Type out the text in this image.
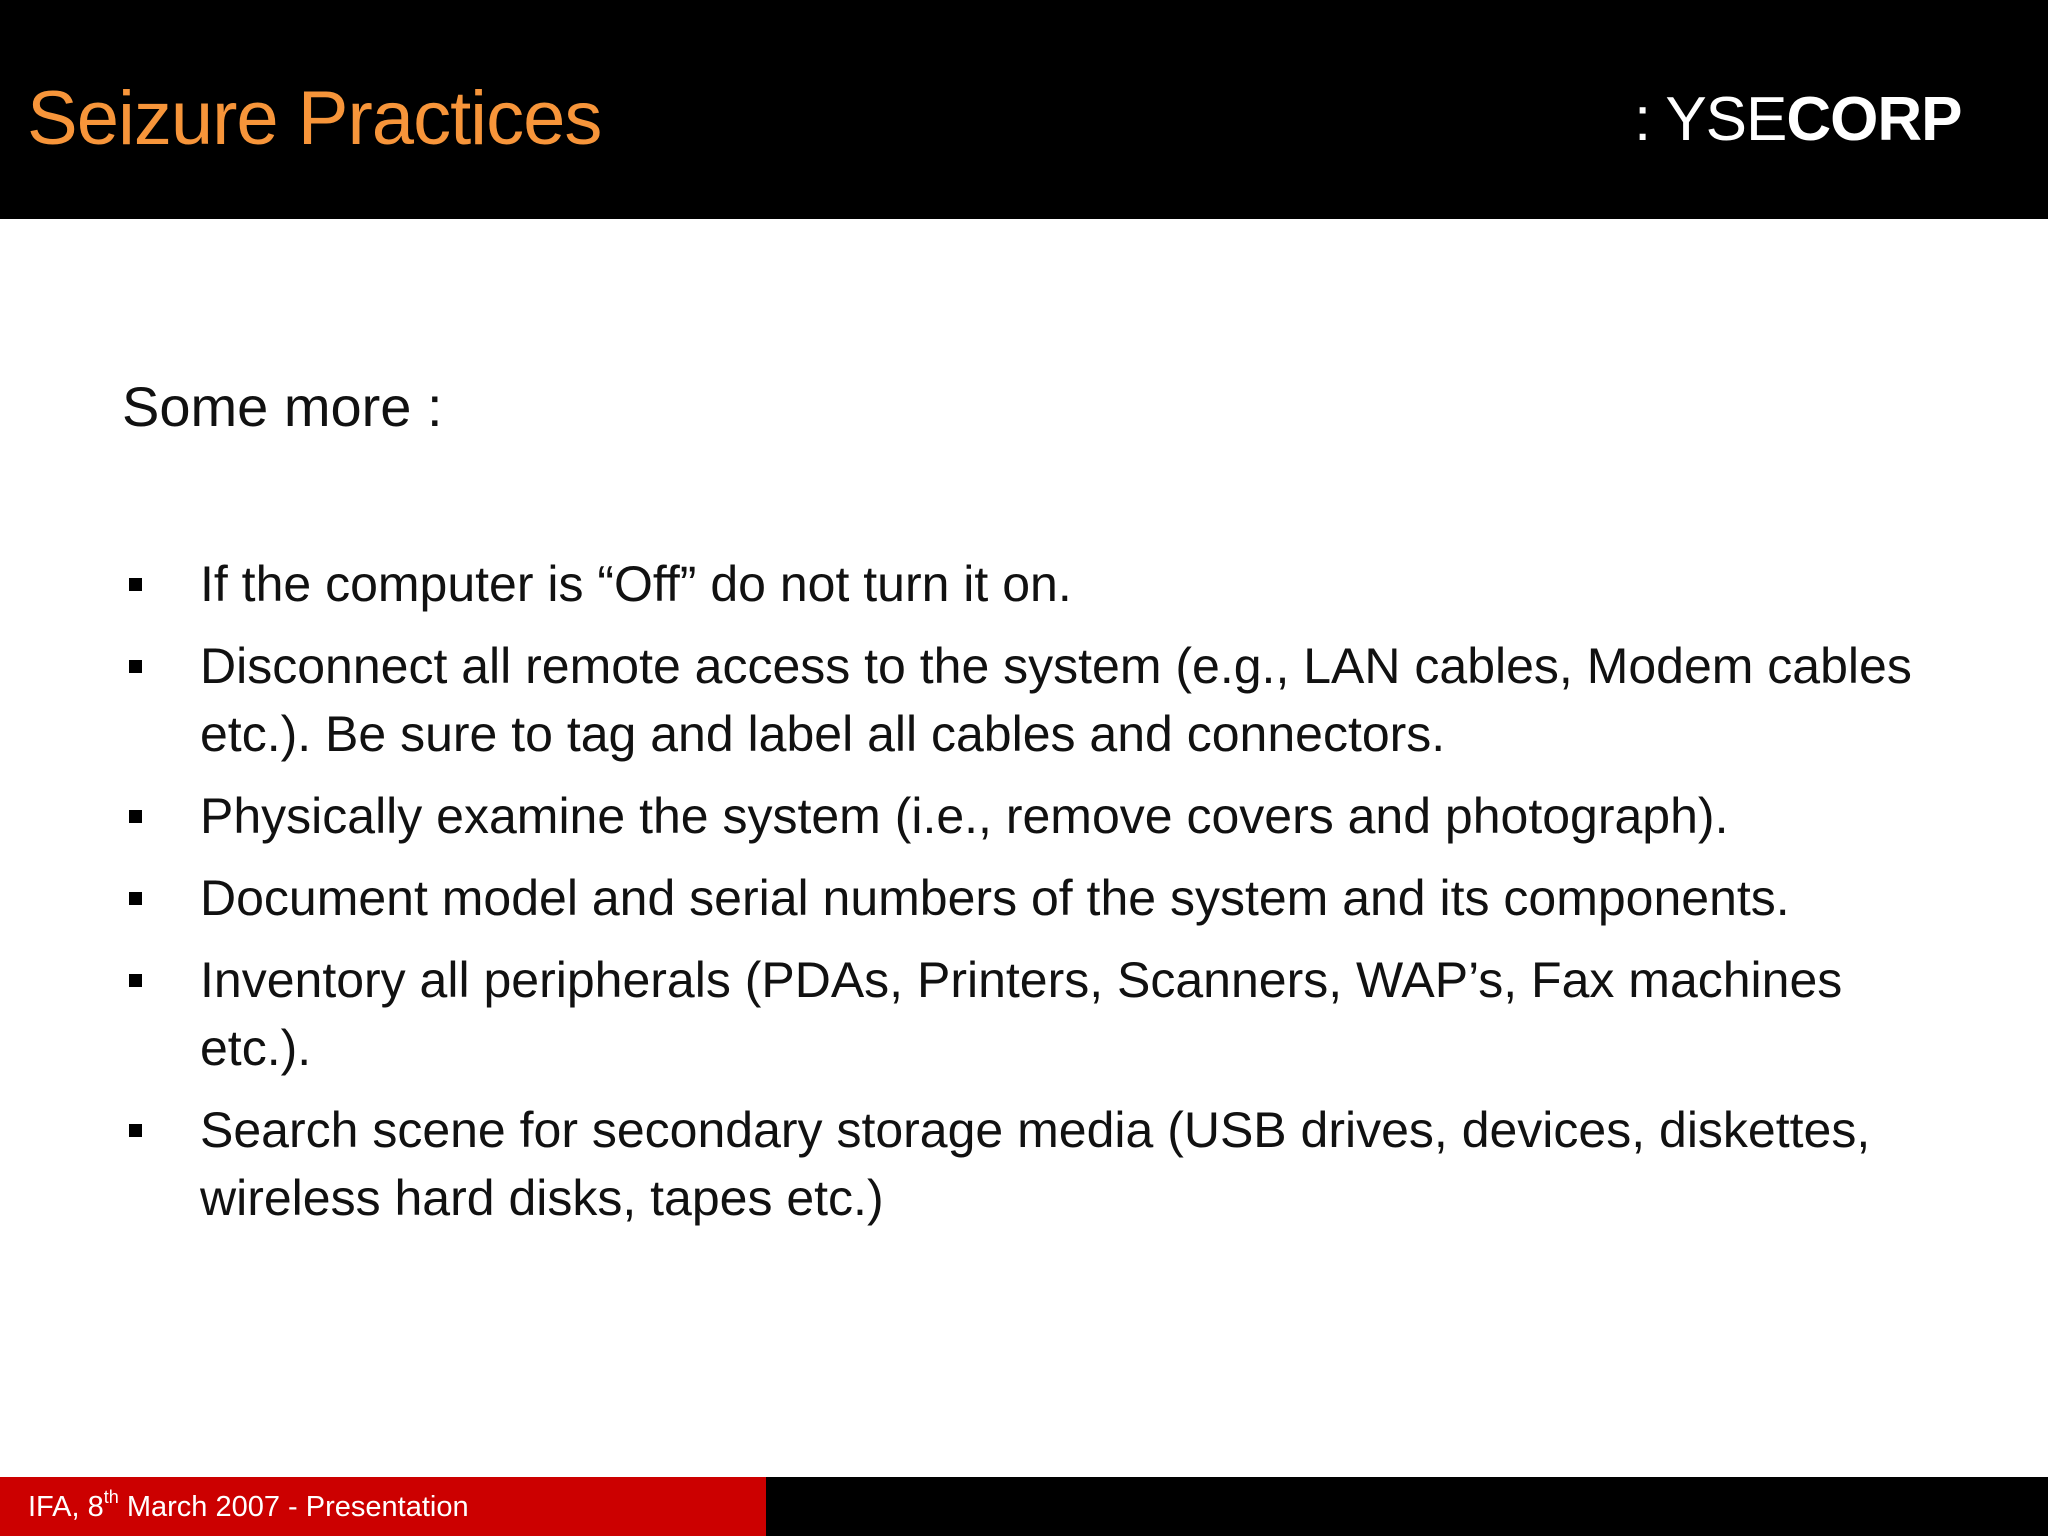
Seizure Practices	: YSECORP
Some more :
If the computer is “Off” do not turn it on.
Disconnect all remote access to the system (e.g., LAN cables, Modem cables etc.). Be sure to tag and label all cables and connectors.
Physically examine the system (i.e., remove covers and photograph).
Document model and serial numbers of the system and its components.
Inventory all peripherals (PDAs, Printers, Scanners, WAP’s, Fax machines etc.).
Search scene for secondary storage media (USB drives, devices, diskettes, wireless hard disks, tapes etc.)
IFA, 8th March 2007 - Presentation
